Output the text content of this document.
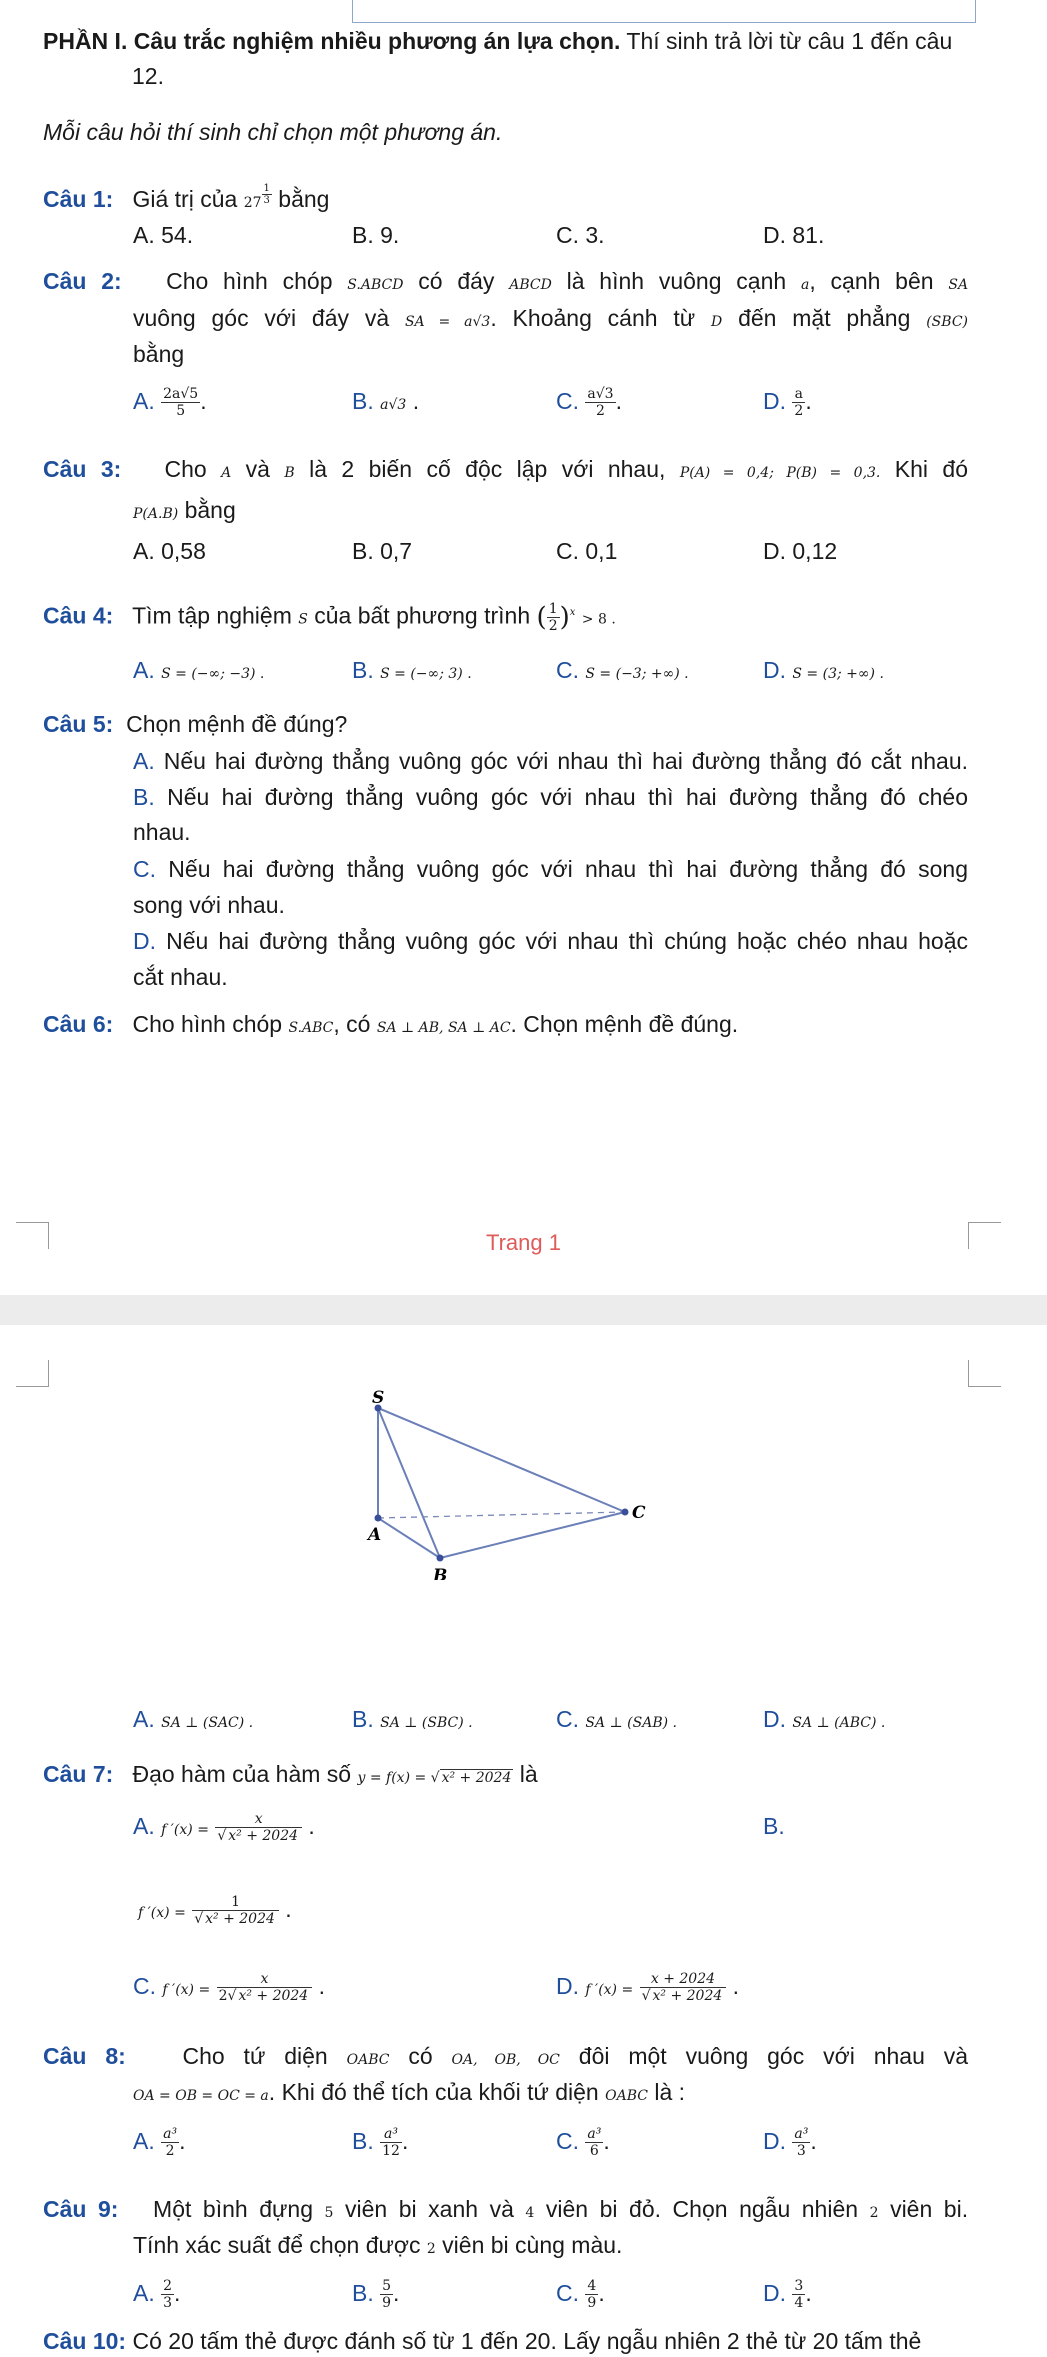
PHẦN I. Câu trắc nghiệm nhiều phương án lựa chọn. Thí sinh trả lời từ câu 1 đến câu
12.
Mỗi câu hỏi thí sinh chỉ chọn một phương án.
Câu 1: Giá trị của 27 $^{\frac{1}{3}}$ bằng
A. 54.	B. 9.	C. 3.	D. 81.
Câu 2: Cho hình chóp S.ABCD có đáy ABCD là hình vuông cạnh a, cạnh bên SA
vuông góc với đáy và SA = a√3. Khoảng cánh từ D đến mặt phẳng (SBC)
bằng
A. $\frac{2a√5}{5}$ .	B. a√3 .	C. $\frac{a√3}{2}$ .	D. $\frac{a}{2}$ .
Câu 3: Cho A và B là 2 biến cố độc lập với nhau, P(A) = 0,4; P(B) = 0,3. Khi đó
P(A.B) bằng
A. 0,58	B. 0,7	C. 0,1	D. 0,12
Câu 4: Tìm tập nghiệm S của bất phương trình ( $\frac{1}{2} )^x > 8$ .
A. S = (−∞; −3) .	B. S = (−∞; 3) .	C. S = (−3; +∞) .	D. S = (3; +∞) .
Câu 5: Chọn mệnh đề đúng?
A. Nếu hai đường thẳng vuông góc với nhau thì hai đường thẳng đó cắt nhau.
B. Nếu hai đường thẳng vuông góc với nhau thì hai đường thẳng đó chéo
nhau.
C. Nếu hai đường thẳng vuông góc với nhau thì hai đường thẳng đó song
song với nhau.
D. Nếu hai đường thẳng vuông góc với nhau thì chúng hoặc chéo nhau hoặc
cắt nhau.
Câu 6: Cho hình chóp S.ABC, có SA ⊥ AB, SA ⊥ AC. Chọn mệnh đề đúng.
Trang 1
S
A
B
C
A. SA ⊥ (SAC) .	B. SA ⊥ (SBC) .	C. SA ⊥ (SAB) .	D. SA ⊥ (ABC) .
Câu 7: Đạo hàm của hàm số y = f(x) = √ x² + 2024 là
A. f $'(x) = \frac{x}{\text{√ x² + 2024}}$ .	B.
f $'(x) = \frac{1}{\text{√ x² + 2024}}$ .
C. f $'(x) = \frac{x}{\text{2√ x² + 2024}}$ .	D. f $'(x) = \frac{x + 2024}{\text{√ x² + 2024}}$ .
Câu 8: Cho tứ diện OABC có OA, OB, OC đôi một vuông góc với nhau và
OA = OB = OC = a. Khi đó thể tích của khối tứ diện OABC là :
A. $\frac{\text{a³}}{2}$ .	B. $\frac{\text{a³}}{12}$ .	C. $\frac{\text{a³}}{6}$ .	D. $\frac{\text{a³}}{3}$ .
Câu 9: Một bình đựng 5 viên bi xanh và 4 viên bi đỏ. Chọn ngẫu nhiên 2 viên bi.
Tính xác suất để chọn được 2 viên bi cùng màu.
A. $\frac{2}{3}$ .	B. $\frac{5}{9}$ .	C. $\frac{4}{9}$ .	D. $\frac{3}{4}$ .
Câu 10: Có 20 tấm thẻ được đánh số từ 1 đến 20. Lấy ngẫu nhiên 2 thẻ từ 20 tấm thẻ
